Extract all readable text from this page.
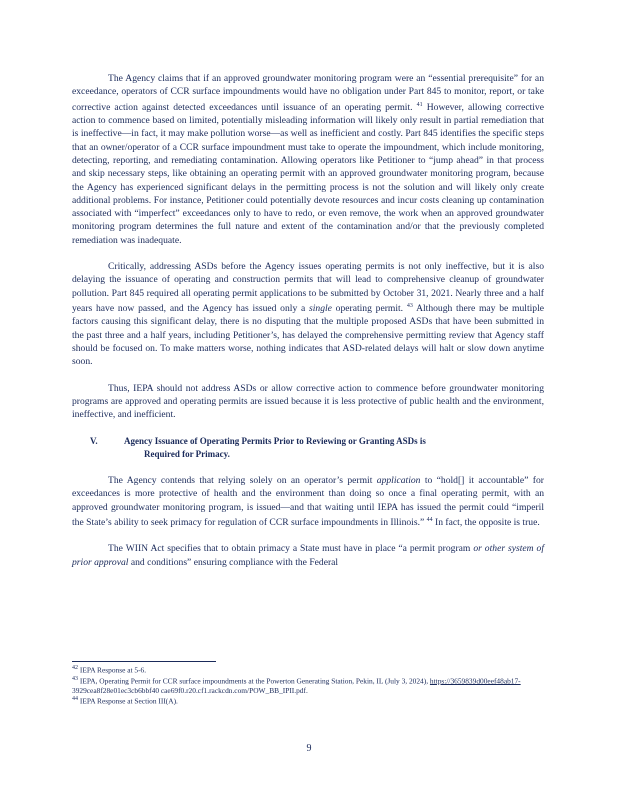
The Agency claims that if an approved groundwater monitoring program were an “essential prerequisite” for an exceedance, operators of CCR surface impoundments would have no obligation under Part 845 to monitor, report, or take corrective action against detected exceedances until issuance of an operating permit. $^{41}$ However, allowing corrective action to commence based on limited, potentially misleading information will likely only result in partial remediation that is ineffective—in fact, it may make pollution worse—as well as inefficient and costly. Part 845 identifies the specific steps that an owner/operator of a CCR surface impoundment must take to operate the impoundment, which include monitoring, detecting, reporting, and remediating contamination. Allowing operators like Petitioner to “jump ahead” in that process and skip necessary steps, like obtaining an operating permit with an approved groundwater monitoring program, because the Agency has experienced significant delays in the permitting process is not the solution and will likely only create additional problems. For instance, Petitioner could potentially devote resources and incur costs cleaning up contamination associated with “imperfect” exceedances only to have to redo, or even remove, the work when an approved groundwater monitoring program determines the full nature and extent of the contamination and/or that the previously completed remediation was inadequate.

Critically, addressing ASDs before the Agency issues operating permits is not only ineffective, but it is also delaying the issuance of operating and construction permits that will lead to comprehensive cleanup of groundwater pollution. Part 845 required all operating permit applications to be submitted by October 31, 2021. Nearly three and a half years have now passed, and the Agency has issued only a single operating permit. $^{43}$ Although there may be multiple factors causing this significant delay, there is no disputing that the multiple proposed ASDs that have been submitted in the past three and a half years, including Petitioner’s, has delayed the comprehensive permitting review that Agency staff should be focused on. To make matters worse, nothing indicates that ASD-related delays will halt or slow down anytime soon.

Thus, IEPA should not address ASDs or allow corrective action to commence before groundwater monitoring programs are approved and operating permits are issued because it is less protective of public health and the environment, ineffective, and inefficient.

V.	Agency Issuance of Operating Permits Prior to Reviewing or Granting ASDs is
Required for Primacy.

The Agency contends that relying solely on an operator’s permit application to “hold[] it accountable” for exceedances is more protective of health and the environment than doing so once a final operating permit, with an approved groundwater monitoring program, is issued—and that waiting until IEPA has issued the permit could “imperil the State’s ability to seek primacy for regulation of CCR surface impoundments in Illinois.” $^{44}$ In fact, the opposite is true.

The WIIN Act specifies that to obtain primacy a State must have in place “a permit program or other system of prior approval and conditions” ensuring compliance with the Federal

$^{42}$ IEPA Response at 5-6.

$^{43}$ IEPA, Operating Permit for CCR surface impoundments at the Powerton Generating Station, Pekin, IL (July 3, 2024), https://3659839d00eef48ab17-
3929cea8f28e01ec3cb6bbf40 cae69f0.r20.cf1.rackcdn.com/POW_BB_IPII.pdf.

$^{44}$ IEPA Response at Section III(A).

9
